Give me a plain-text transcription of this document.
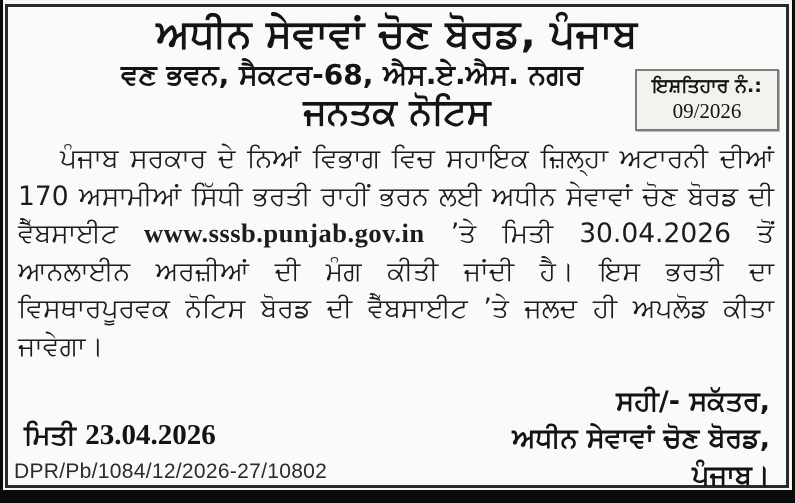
ਅਧੀਨ ਸੇਵਾਵਾਂ ਚੋਣ ਬੋਰਡ, ਪੰਜਾਬ
ਵਣ ਭਵਨ, ਸੈਕਟਰ-68, ਐਸ.ਏ.ਐਸ. ਨਗਰ	ਇਸ਼ਤਿਹਾਰ ਨੰ.:
09/2026
ਜਨਤਕ ਨੋਟਿਸ

ਪੰਜਾਬ ਸਰਕਾਰ ਦੇ ਨਿਆਂ ਵਿਭਾਗ ਵਿਚ ਸਹਾਇਕ ਜ਼ਿਲ੍ਹਾ ਅਟਾਰਨੀ ਦੀਆਂ 170 ਅਸਾਮੀਆਂ ਸਿੱਧੀ ਭਰਤੀ ਰਾਹੀਂ ਭਰਨ ਲਈ ਅਧੀਨ ਸੇਵਾਵਾਂ ਚੋਣ ਬੋਰਡ ਦੀ ਵੈੱਬਸਾਈਟ www.sssb.punjab.gov.in ’ਤੇ ਮਿਤੀ 30.04.2026 ਤੋਂ ਆਨਲਾਈਨ ਅਰਜ਼ੀਆਂ ਦੀ ਮੰਗ ਕੀਤੀ ਜਾਂਦੀ ਹੈ। ਇਸ ਭਰਤੀ ਦਾ ਵਿਸਥਾਰਪੂਰਵਕ ਨੋਟਿਸ ਬੋਰਡ ਦੀ ਵੈੱਬਸਾਈਟ ’ਤੇ ਜਲਦ ਹੀ ਅਪਲੋਡ ਕੀਤਾ ਜਾਵੇਗਾ।

ਸਹੀ/- ਸਕੱਤਰ,
ਅਧੀਨ ਸੇਵਾਵਾਂ ਚੋਣ ਬੋਰਡ,
ਪੰਜਾਬ।
ਮਿਤੀ 23.04.2026
DPR/Pb/1084/12/2026-27/10802
